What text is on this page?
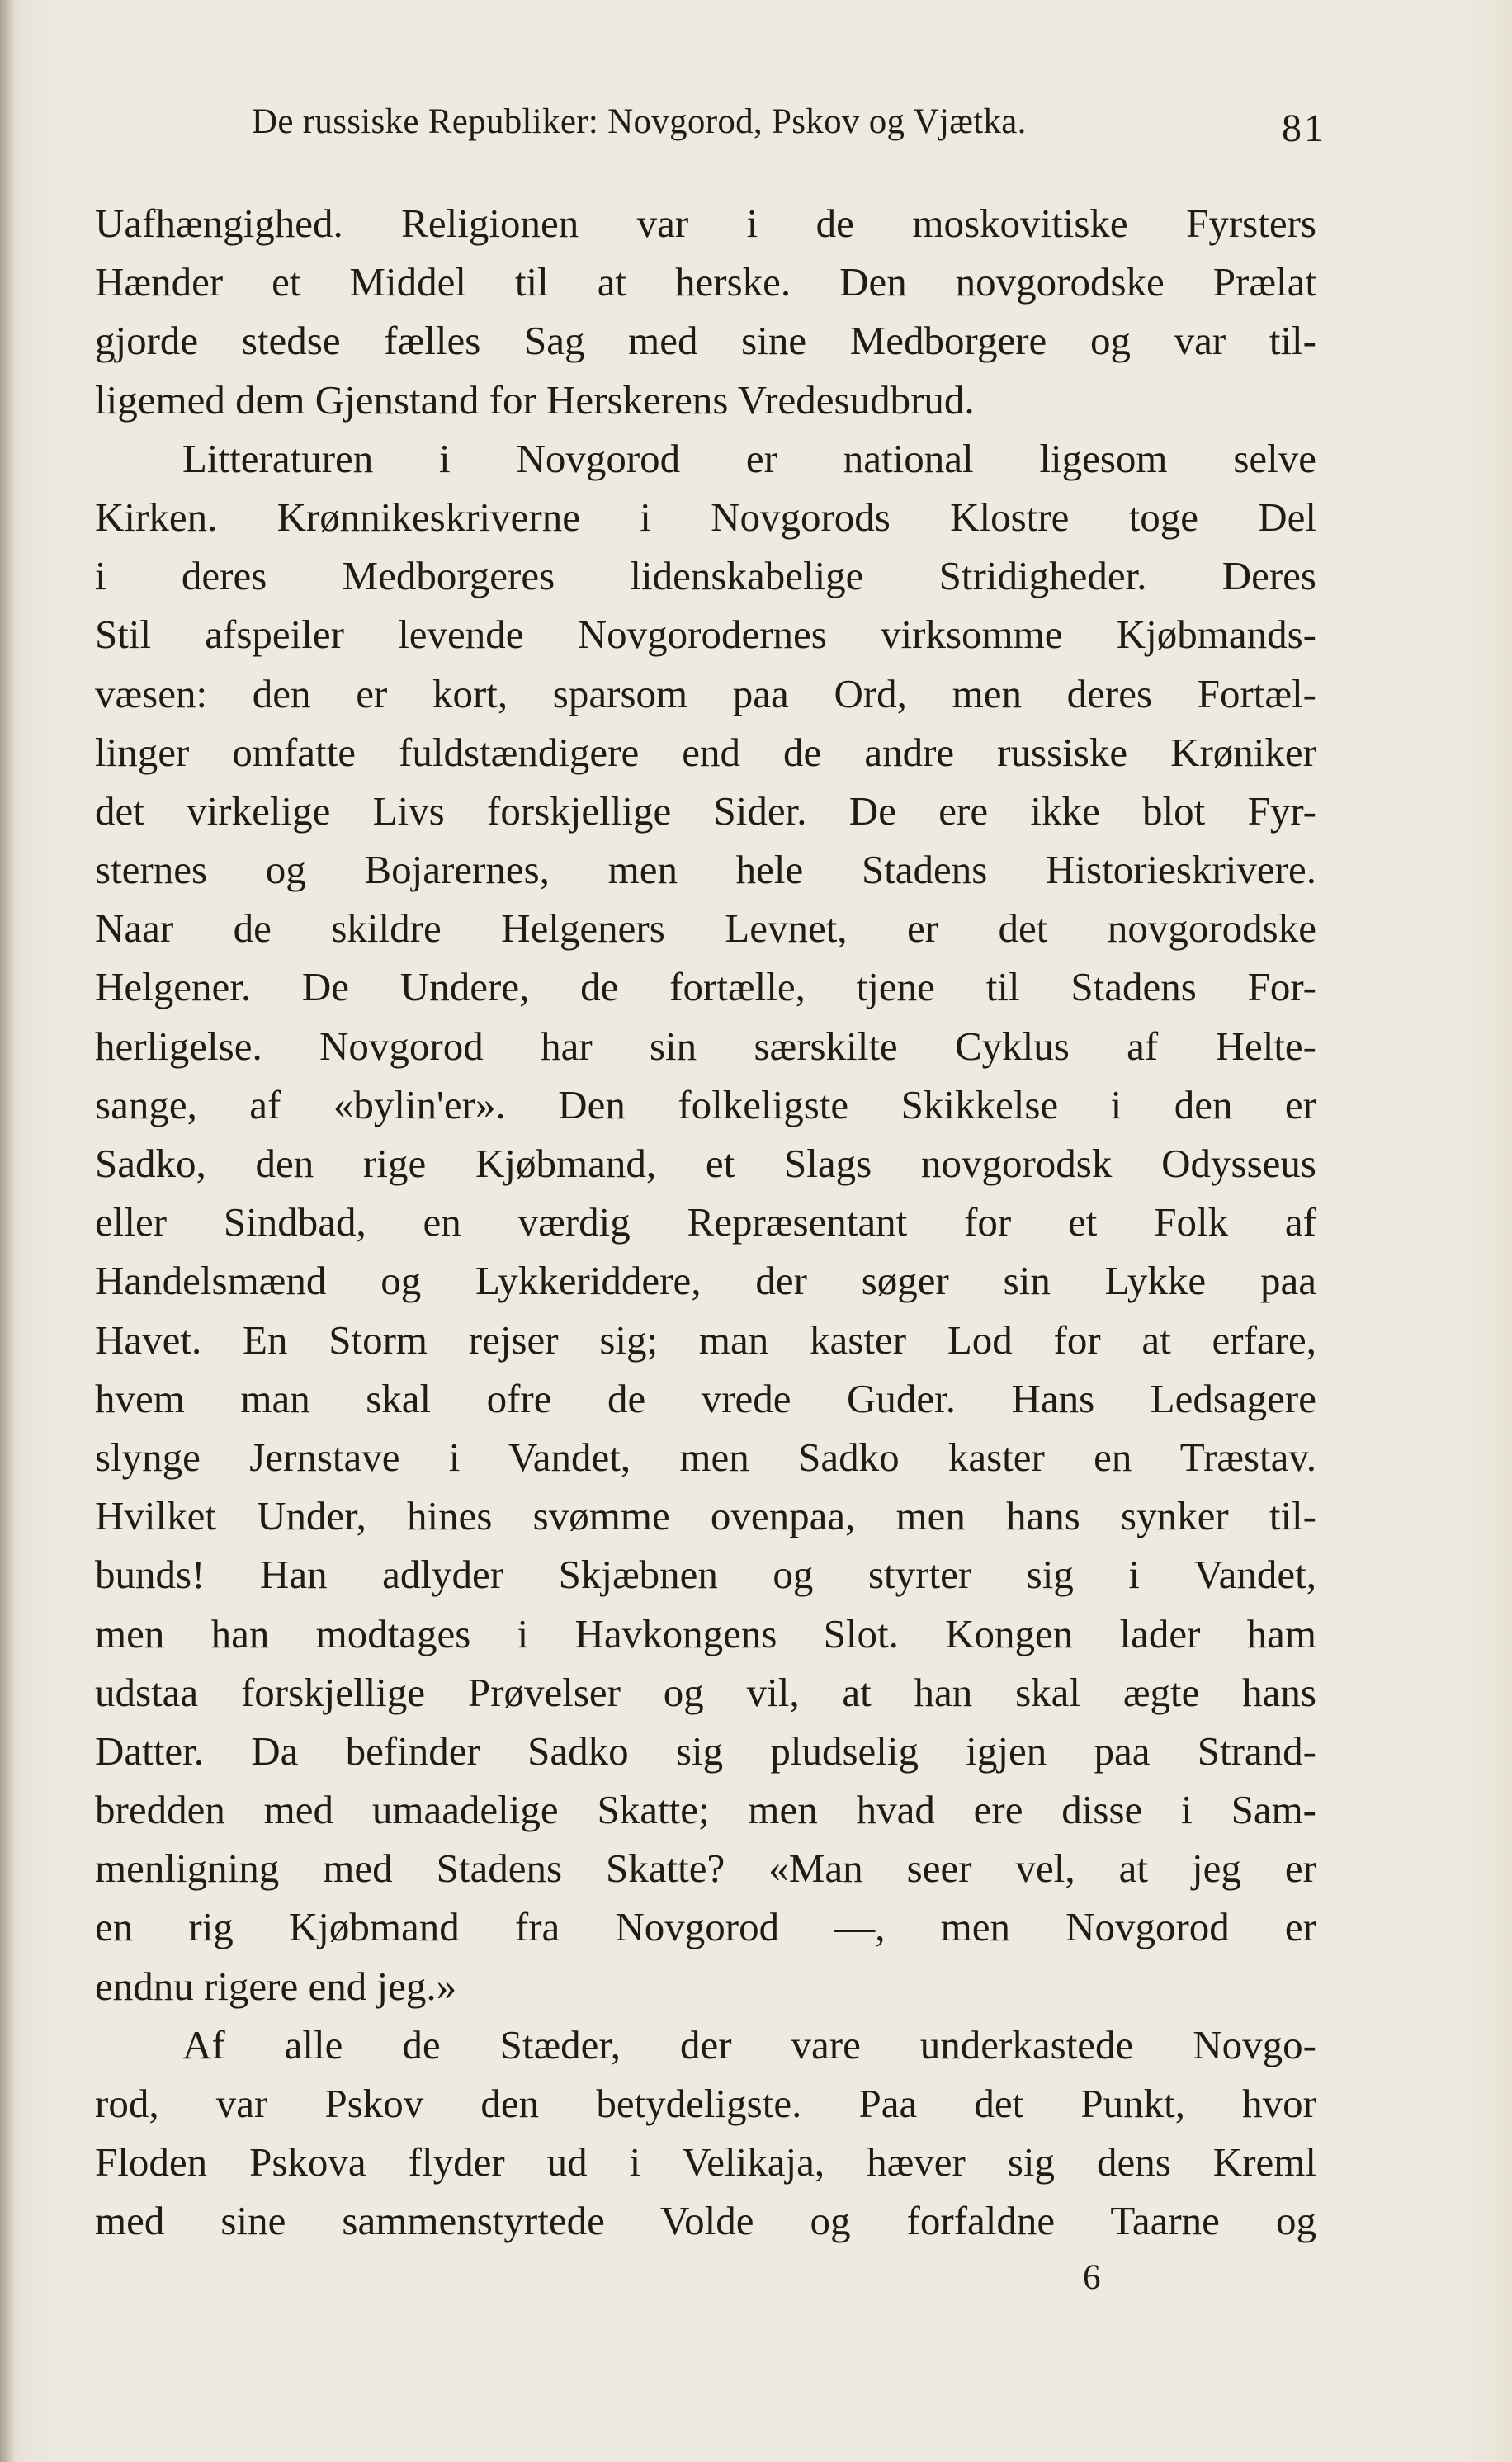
De russiske Republiker: Novgorod, Pskov og Vjætka.	81
Uafhængighed. Religionen var i de moskovitiske Fyrsters
Hænder et Middel til at herske. Den novgorodske Prælat
gjorde stedse fælles Sag med sine Medborgere og var til-
ligemed dem Gjenstand for Herskerens Vredesudbrud.
Litteraturen i Novgorod er national ligesom selve
Kirken. Krønnikeskriverne i Novgorods Klostre toge Del
i deres Medborgeres lidenskabelige Stridigheder. Deres
Stil afspeiler levende Novgorodernes virksomme Kjøbmands-
væsen: den er kort, sparsom paa Ord, men deres Fortæl-
linger omfatte fuldstændigere end de andre russiske Krøniker
det virkelige Livs forskjellige Sider. De ere ikke blot Fyr-
sternes og Bojarernes, men hele Stadens Historieskrivere.
Naar de skildre Helgeners Levnet, er det novgorodske
Helgener. De Undere, de fortælle, tjene til Stadens For-
herligelse. Novgorod har sin særskilte Cyklus af Helte-
sange, af «bylin'er». Den folkeligste Skikkelse i den er
Sadko, den rige Kjøbmand, et Slags novgorodsk Odysseus
eller Sindbad, en værdig Repræsentant for et Folk af
Handelsmænd og Lykkeriddere, der søger sin Lykke paa
Havet. En Storm rejser sig; man kaster Lod for at erfare,
hvem man skal ofre de vrede Guder. Hans Ledsagere
slynge Jernstave i Vandet, men Sadko kaster en Træstav.
Hvilket Under, hines svømme ovenpaa, men hans synker til-
bunds! Han adlyder Skjæbnen og styrter sig i Vandet,
men han modtages i Havkongens Slot. Kongen lader ham
udstaa forskjellige Prøvelser og vil, at han skal ægte hans
Datter. Da befinder Sadko sig pludselig igjen paa Strand-
bredden med umaadelige Skatte; men hvad ere disse i Sam-
menligning med Stadens Skatte? «Man seer vel, at jeg er
en rig Kjøbmand fra Novgorod —, men Novgorod er
endnu rigere end jeg.»
Af alle de Stæder, der vare underkastede Novgo-
rod, var Pskov den betydeligste. Paa det Punkt, hvor
Floden Pskova flyder ud i Velikaja, hæver sig dens Kreml
med sine sammenstyrtede Volde og forfaldne Taarne og
6
